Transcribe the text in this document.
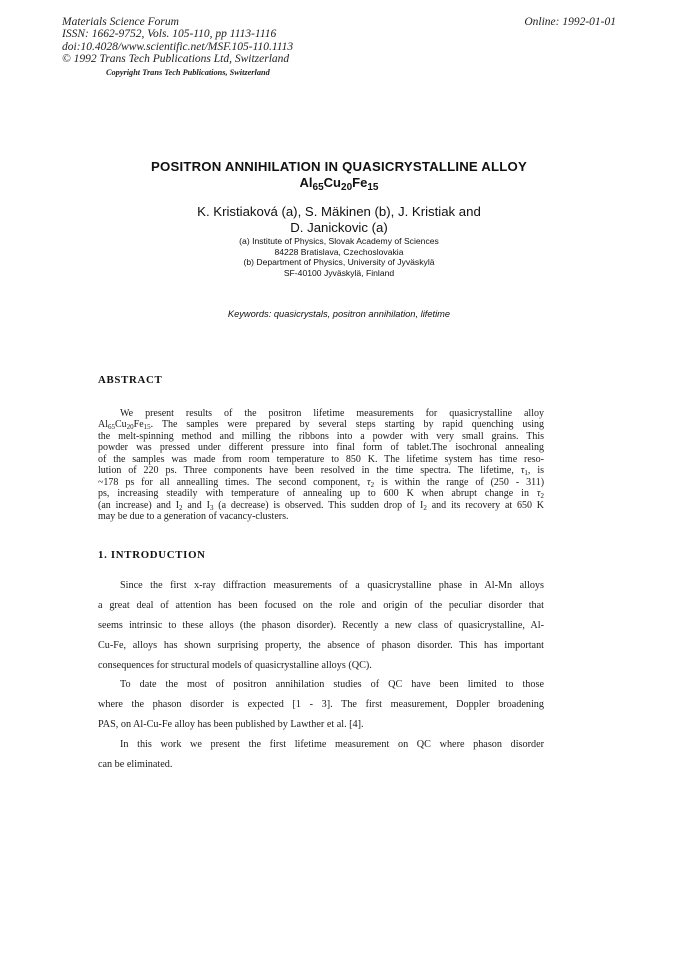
Materials Science Forum
ISSN: 1662-9752, Vols. 105-110, pp 1113-1116
doi:10.4028/www.scientific.net/MSF.105-110.1113
© 1992 Trans Tech Publications Ltd, Switzerland
Copyright Trans Tech Publications, Switzerland
Online: 1992-01-01
POSITRON ANNIHILATION IN QUASICRYSTALLINE ALLOY
$Al_{65}Cu_{20}Fe_{15}$
K. Kristiaková (a), S. Mäkinen (b), J. Kristiak and
D. Janickovic (a)
(a) Institute of Physics, Slovak Academy of Sciences
84228 Bratislava, Czechoslovakia
(b) Department of Physics, University of Jyväskylä
SF-40100 Jyväskylä, Finland
Keywords: quasicrystals, positron annihilation, lifetime
ABSTRACT
We present results of the positron lifetime measurements for quasicrystalline alloy
$Al_{65}Cu_{20}Fe_{15}$. The samples were prepared by several steps starting by rapid quenching using
the melt-spinning method and milling the ribbons into a powder with very small grains. This
powder was pressed under different pressure into final form of tablet.The isochronal annealing
of the samples was made from room temperature to 850 K. The lifetime system has time reso-
lution of 220 ps. Three components have been resolved in the time spectra. The lifetime, $\tau_1$, is
~178 ps for all annealling times. The second component, $\tau_2$ is within the range of (250 - 311)
ps, increasing steadily with temperature of annealing up to 600 K when abrupt change in $\tau_2$
(an increase) and $I_2$ and $I_3$ (a decrease) is observed. This sudden drop of $I_2$ and its recovery at 650 K
may be due to a generation of vacancy-clusters.
1. INTRODUCTION
Since the first x-ray diffraction measurements of a quasicrystalline phase in Al-Mn alloys
a great deal of attention has been focused on the role and origin of the peculiar disorder that
seems intrinsic to these alloys (the phason disorder). Recently a new class of quasicrystalline, Al-
Cu-Fe, alloys has shown surprising property, the absence of phason disorder. This has important
consequences for structural models of quasicrystalline alloys (QC).
To date the most of positron annihilation studies of QC have been limited to those
where the phason disorder is expected [1 - 3]. The first measurement, Doppler broadening
PAS, on Al-Cu-Fe alloy has been published by Lawther et al. [4].
In this work we present the first lifetime measurement on QC where phason disorder
can be eliminated.
